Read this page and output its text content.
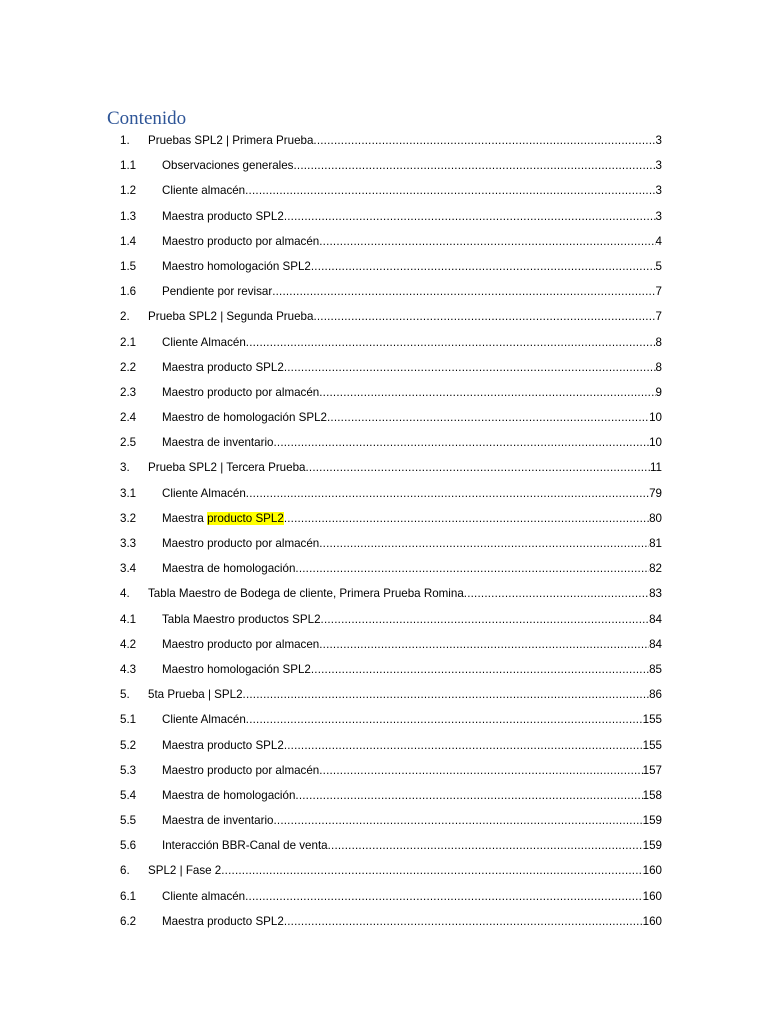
Contenido
1.	Pruebas SPL2 | Primera Prueba .....	3
1.1	Observaciones generales .....	3
1.2	Cliente almacén .....	3
1.3	Maestra producto SPL2 .....	3
1.4	Maestro producto por almacén .....	4
1.5	Maestro homologación SPL2 .....	5
1.6	Pendiente por revisar .....	7
2.	Prueba SPL2 | Segunda Prueba .....	7
2.1	Cliente Almacén .....	8
2.2	Maestra producto SPL2 .....	8
2.3	Maestro producto por almacén .....	9
2.4	Maestro de homologación SPL2 .....	10
2.5	Maestra de inventario .....	10
3.	Prueba SPL2 | Tercera Prueba .....	11
3.1	Cliente Almacén .....	79
3.2	Maestra producto SPL2 .....	80
3.3	Maestro producto por almacén .....	81
3.4	Maestra de homologación .....	82
4.	Tabla Maestro de Bodega de cliente, Primera Prueba Romina .....	83
4.1	Tabla Maestro productos SPL2 .....	84
4.2	Maestro producto por almacen .....	84
4.3	Maestro homologación SPL2 .....	85
5.	5ta Prueba | SPL2 .....	86
5.1	Cliente Almacén .....	155
5.2	Maestra producto SPL2 .....	155
5.3	Maestro producto por almacén .....	157
5.4	Maestra de homologación .....	158
5.5	Maestra de inventario .....	159
5.6	Interacción BBR-Canal de venta .....	159
6.	SPL2 | Fase 2 .....	160
6.1	Cliente almacén .....	160
6.2	Maestra producto SPL2 .....	160
